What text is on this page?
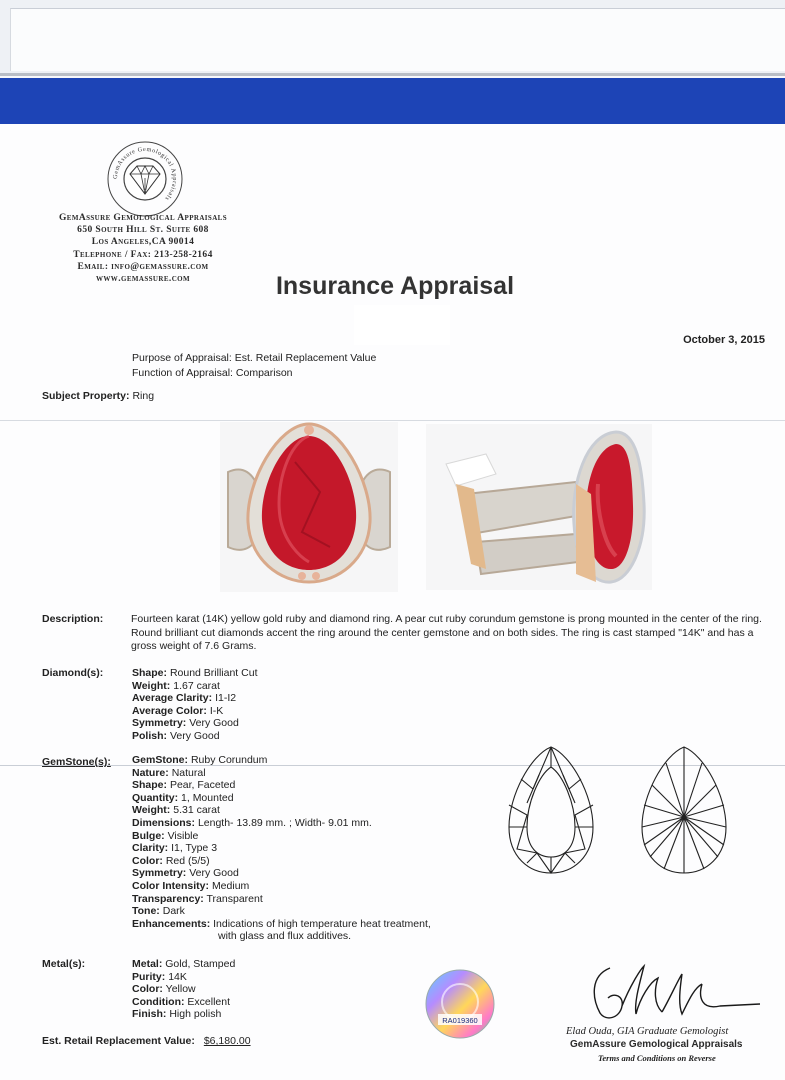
GemAssure Gemological Appraisals
GemAssure Gemological Appraisals
650 South Hill St. Suite 608
Los Angeles,CA 90014
Telephone / Fax: 213-258-2164
Email: info@gemassure.com
www.gemassure.com	Insurance Appraisal
October 3, 2015
Purpose of Appraisal: Est. Retail Replacement Value
Function of Appraisal: Comparison
Subject Property: Ring
Description:	Fourteen karat (14K) yellow gold ruby and diamond ring. A pear cut ruby corundum gemstone is prong mounted in the center of the ring. Round brilliant cut diamonds accent the ring around the center gemstone and on both sides. The ring is cast stamped "14K" and has a gross weight of 7.6 Grams.
Diamond(s):	Shape: Round Brilliant Cut
Weight: 1.67 carat
Average Clarity: I1-I2
Average Color: I-K
Symmetry: Very Good
Polish: Very Good
GemStone(s): GemStone: Ruby Corundum
Nature: Natural
Shape: Pear, Faceted
Quantity: 1, Mounted
Weight: 5.31 carat
Dimensions: Length- 13.89 mm. ; Width- 9.01 mm.
Bulge: Visible
Clarity: I1, Type 3
Color: Red (5/5)
Symmetry: Very Good
Color Intensity: Medium
Transparency: Transparent
Tone: Dark
Enhancements: Indications of high temperature heat treatment,
with glass and flux additives.
Metal(s):	Metal: Gold, Stamped
Purity: 14K
Color: Yellow
Condition: Excellent
Finish: High polish
RA019360
Elad Ouda, GIA Graduate Gemologist
GemAssure Gemological Appraisals
Terms and Conditions on Reverse
Est. Retail Replacement Value: $6,180.00
